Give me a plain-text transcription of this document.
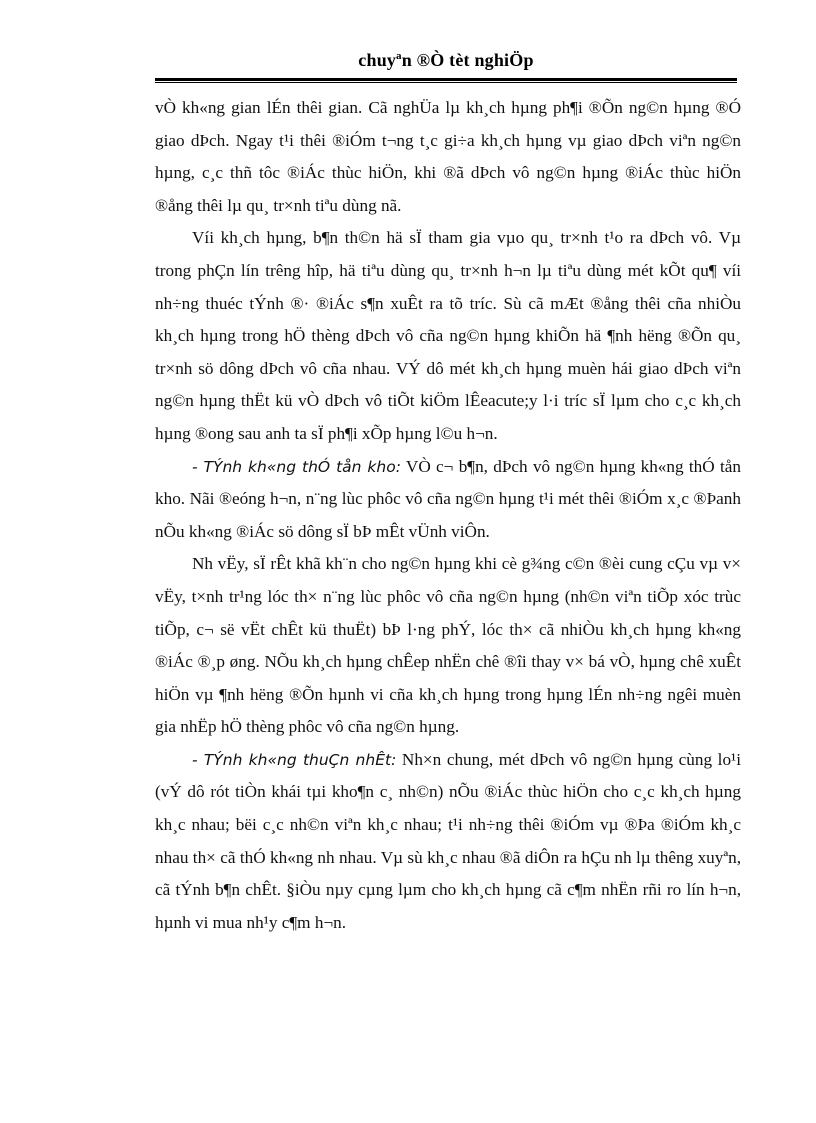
chuyªn ®Ò tèt nghiÖp

vÒ kh«ng gian lÉn thêi gian. Cã nghÜa lµ kh¸ch hµng ph¶i ®Õn ng©n hµng ®Ó giao dÞch. Ngay t¹i thêi ®iÓm t¬ng t¸c gi÷a kh¸ch hµng vµ giao dÞch viªn ng©n hµng, c¸c thñ tôc ®iÁc thùc hiÖn, khi ®ã dÞch vô ng©n hµng ®iÁc thùc hiÖn ®ång thêi lµ qu¸ tr×nh tiªu dùng nã.

Víi kh¸ch hµng, b¶n th©n hä sÏ tham gia vµo qu¸ tr×nh t¹o ra dÞch vô. Vµ trong phÇn lín trêng hîp, hä tiªu dùng qu¸ tr×nh h¬n lµ tiªu dùng mét kÕt qu¶ víi nh÷ng thuéc tÝnh ®· ®iÁc s¶n xuÊt ra tõ tríc. Sù cã mÆt ®ång thêi cña nhiÒu kh¸ch hµng trong hÖ thèng dÞch vô cña ng©n hµng khiÕn hä ¶nh hëng ®Õn qu¸ tr×nh sö dông dÞch vô cña nhau. VÝ dô mét kh¸ch hµng muèn hái giao dÞch viªn ng©n hµng thËt kü vÒ dÞch vô tiÕt kiÖm lÊeacute;y l·i tríc sÏ lµm cho c¸c kh¸ch hµng ®ong sau anh ta sÏ ph¶i xÕp hµng l©u h¬n.

- TÝnh kh«ng thÓ tån kho: VÒ c¬ b¶n, dÞch vô ng©n hµng kh«ng thÓ tån kho. Nãi ®eóng h¬n, n¨ng lùc phôc vô cña ng©n hµng t¹i mét thêi ®iÓm x¸c ®Þanh nÕu kh«ng ®iÁc sö dông sÏ bÞ mÊt vÜnh viÔn.

Nh vËy, sÏ rÊt khã kh¨n cho ng©n hµng khi cè g¾ng c©n ®èi cung cÇu vµ v× vËy, t×nh tr¹ng lóc th× n¨ng lùc phôc vô cña ng©n hµng (nh©n viªn tiÕp xóc trùc tiÕp, c¬ së vËt chÊt kü thuËt) bÞ l·ng phÝ, lóc th× cã nhiÒu kh¸ch hµng kh«ng ®iÁc ®¸p øng. NÕu kh¸ch hµng chÊep nhËn chê ®îi thay v× bá vÒ, hµng chê xuÊt hiÖn vµ ¶nh hëng ®Õn hµnh vi cña kh¸ch hµng trong hµng lÉn nh÷ng ngêi muèn gia nhËp hÖ thèng phôc vô cña ng©n hµng.

- TÝnh kh«ng thuÇn nhÊt: Nh×n chung, mét dÞch vô ng©n hµng cùng lo¹i (vÝ dô rót tiÒn khái tµi kho¶n c¸ nh©n) nÕu ®iÁc thùc hiÖn cho c¸c kh¸ch hµng kh¸c nhau; bëi c¸c nh©n viªn kh¸c nhau; t¹i nh÷ng thêi ®iÓm vµ ®Þa ®iÓm kh¸c nhau th× cã thÓ kh«ng nh nhau. Vµ sù kh¸c nhau ®ã diÔn ra hÇu nh lµ thêng xuyªn, cã tÝnh b¶n chÊt. §iÒu nµy cµng lµm cho kh¸ch hµng cã c¶m nhËn rñi ro lín h¬n, hµnh vi mua nh¹y c¶m h¬n.
